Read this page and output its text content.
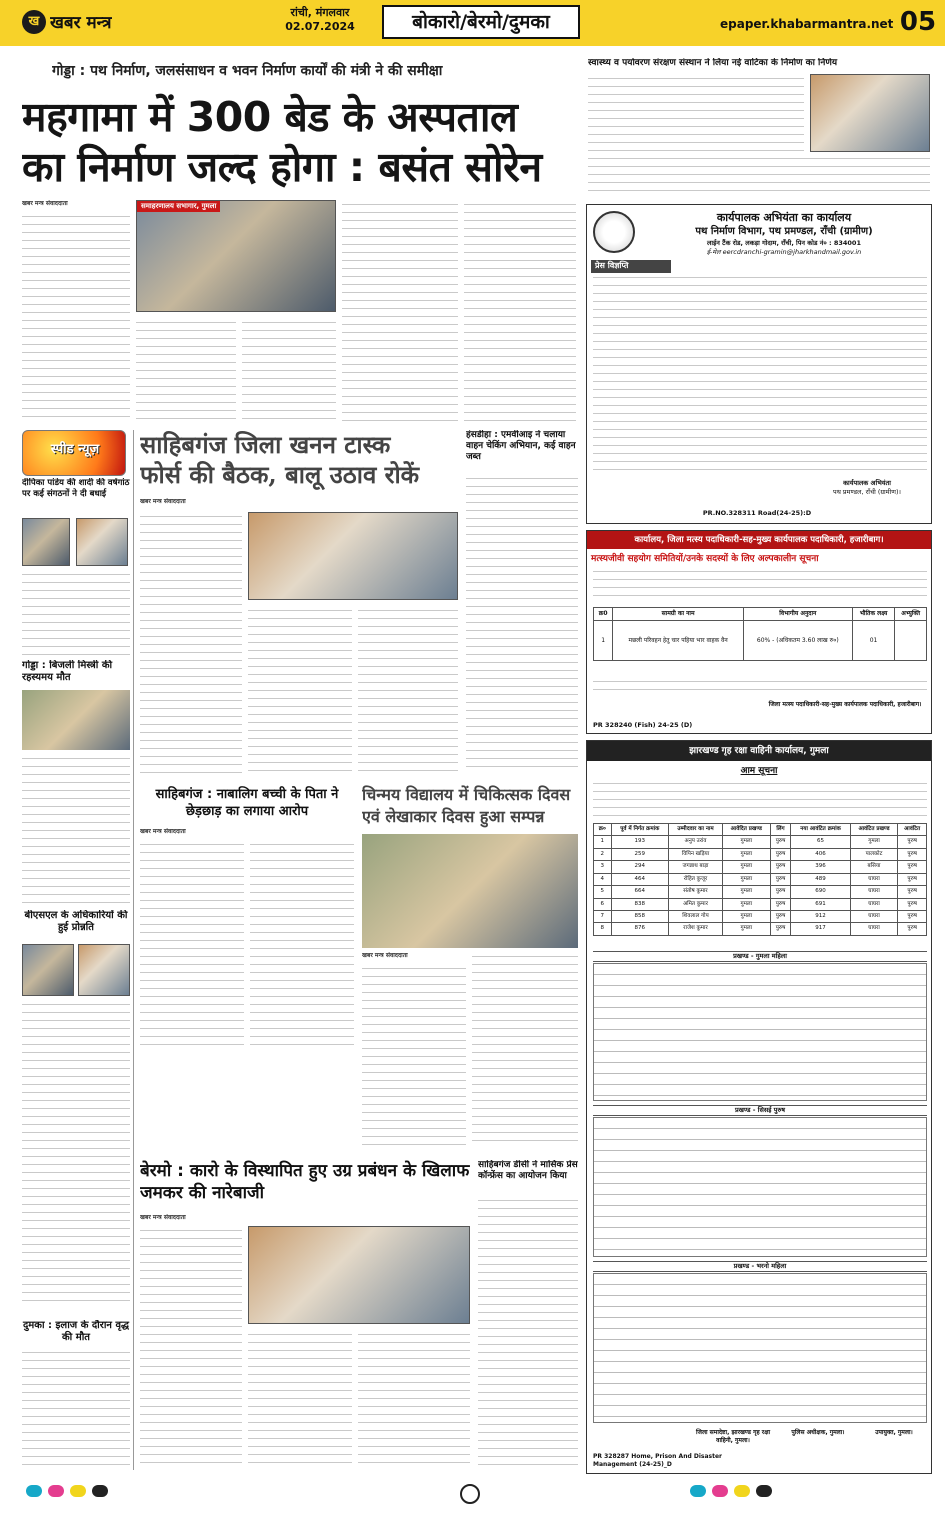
ख खबर मन्त्र
रांची, मंगलवार
02.07.2024	बोकारो/बेरमो/दुमका	epaper.khabarmantra.net 05
गोड्डा : पथ निर्माण, जलसंसाधन व भवन निर्माण कार्यों की मंत्री ने की समीक्षा
महगामा में 300 बेड के अस्पताल
का निर्माण जल्द होगा : बसंत सोरेन
खबर मन्त्र संवाददाता	समाहरणालय सभागार, गुमला
स्वास्थ्य व पर्यावरण संरक्षण संस्थान ने लिया नई वाटिका के निर्माण का निर्णय
कार्यपालक अभियंता का कार्यालय
पथ निर्माण विभाग, पथ प्रमण्डल, राँची (ग्रामीण)
लाईन टैंक रोड, लकड़ा गोदाम, राँची, पिन कोड नं० : 834001
ई-मेल eercdranchi-gramin@jharkhandmail.gov.in
प्रेस विज्ञप्ति
कार्यपालक अभियंता
पथ प्रमण्डल, राँची (ग्रामीण)।
PR.NO.328311 Road(24-25):D
स्पीड न्यूज़
दीपिका पांडेय की शादी की वर्षगांठ पर कई संगठनों ने दी बधाई
गोड्डा : बिजली मिस्त्री की रहस्यमय मौत
बीएसएल के अधिकारियों की हुई प्रोन्नति
दुमका : इलाज के दौरान वृद्ध की मौत
साहिबगंज जिला खनन टास्क
फोर्स की बैठक, बालू उठाव रोकें
खबर मन्त्र संवाददाता
हंसडीहा : एमवीआइ ने चलाया वाहन चेकिंग अभियान, कई वाहन जब्त
साहिबगंज : नाबालिग बच्ची के पिता ने छेड़छाड़ का लगाया आरोप
खबर मन्त्र संवाददाता
चिन्मय विद्यालय में चिकित्सक दिवस एवं लेखाकार दिवस हुआ सम्पन्न
खबर मन्त्र संवाददाता
बेरमो : कारो के विस्थापित हुए उग्र प्रबंधन के खिलाफ जमकर की नारेबाजी
खबर मन्त्र संवाददाता
साहिबगंज डीसी ने मासिक प्रेस कॉन्फ्रेंस का आयोजन किया
कार्यालय, जिला मत्स्य पदाधिकारी-सह-मुख्य कार्यपालक पदाधिकारी, हजारीबाग।
मत्स्यजीवी सहयोग समितियों/उनके सदस्यों के लिए अल्पकालीन सूचना
क्र0	सामग्री का नाम	विभागीय अनुदान	भौतिक लक्ष्य	अभ्युक्ति
1	मछली परिवहन हेतु चार पहिया भार वाहक वैन	60% - (अधिकतम 3.60 लाख रु०)	01	
जिला मत्स्य पदाधिकारी-सह-मुख्य कार्यपालक पदाधिकारी, हजारीबाग।
PR 328240 (Fish) 24-25 (D)
झारखण्ड गृह रक्षा वाहिनी कार्यालय, गुमला
आम सूचना
क्र०	पूर्व में निर्गत क्रमांक	उम्मीदवार का नाम	आवेदित प्रखण्ड	लिंग	नया आवंटित क्रमांक	आवंटित प्रखण्ड	आवंटित
1	193	अनुप उरांव	गुमला	पुरुष	65	गुमला	पुरुष
2	259	विपिन खड़िया	गुमला	पुरुष	406	पालकोट	पुरुष
3	294	जगन्नाथ बाड़ा	गुमला	पुरुष	396	बसिया	पुरुष
4	464	रोहित कुजूर	गुमला	पुरुष	489	घाघरा	पुरुष
5	664	संतोष कुमार	गुमला	पुरुष	690	घाघरा	पुरुष
6	838	अमित कुमार	गुमला	पुरुष	691	घाघरा	पुरुष
7	858	शिवलाल गोप	गुमला	पुरुष	912	घाघरा	पुरुष
8	876	राजेश कुमार	गुमला	पुरुष	917	घाघरा	पुरुष
प्रखण्ड - गुमला महिला
प्रखण्ड - सिसई पुरुष
प्रखण्ड - भरनो महिला
जिला समादेष्टा, झारखण्ड गृह रक्षा वाहिनी, गुमला।
पुलिस अधीक्षक, गुमला।	उपायुक्त, गुमला।
PR 328287 Home, Prison And Disaster Management (24-25)_D
